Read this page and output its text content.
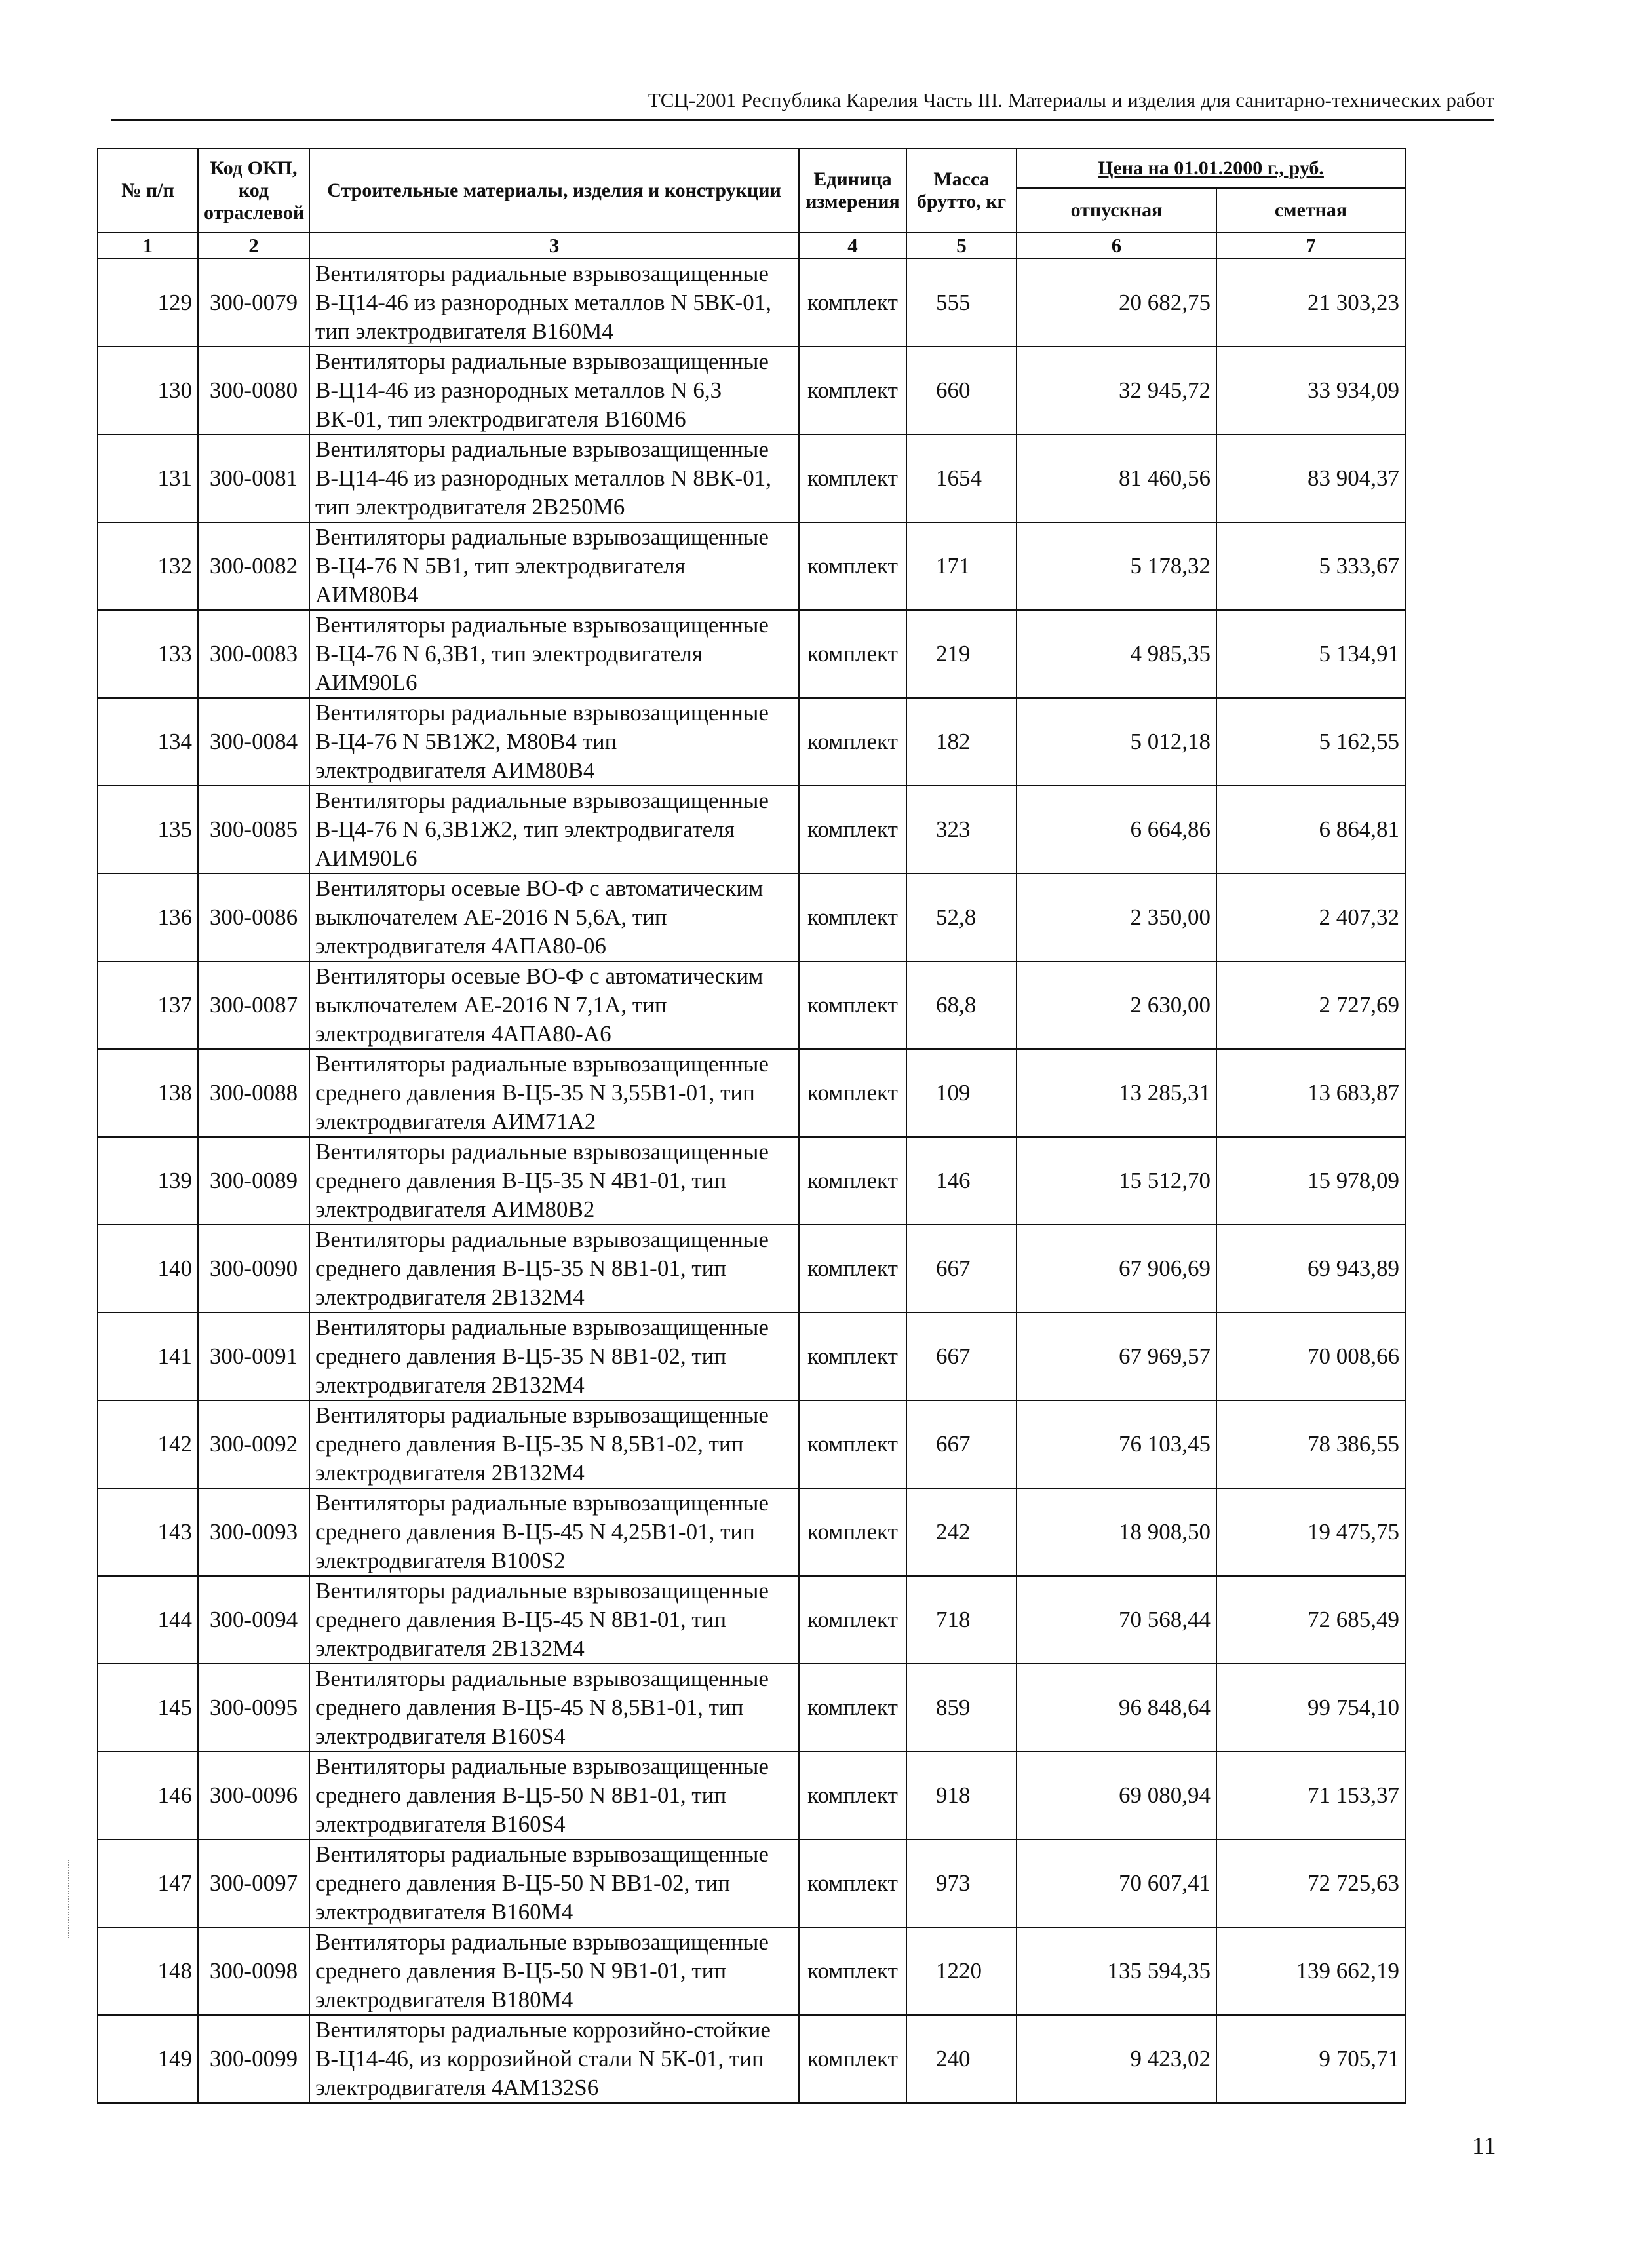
ТСЦ-2001 Республика Карелия Часть III. Материалы и изделия для санитарно-технических работ
№ п/п	Код ОКП, код отраслевой	Строительные материалы, изделия и конструкции	Единица измерения	Масса брутто, кг	Цена на 01.01.2000 г., руб.	
					отпускная	сметная
1	2	3	4	5	6	7
129	300-0079	Вентиляторы радиальные взрывозащищенные В-Ц14-46 из разнородных металлов N 5ВК-01, тип электродвигателя В160М4	комплект	555	20 682,75	21 303,23
130	300-0080	Вентиляторы радиальные взрывозащищенные В-Ц14-46 из разнородных металлов N 6,3 ВК-01, тип электродвигателя В160М6	комплект	660	32 945,72	33 934,09
131	300-0081	Вентиляторы радиальные взрывозащищенные В-Ц14-46 из разнородных металлов N 8ВК-01, тип электродвигателя 2В250М6	комплект	1654	81 460,56	83 904,37
132	300-0082	Вентиляторы радиальные взрывозащищенные В-Ц4-76 N 5В1, тип электродвигателя АИМ80В4	комплект	171	5 178,32	5 333,67
133	300-0083	Вентиляторы радиальные взрывозащищенные В-Ц4-76 N 6,3В1, тип электродвигателя АИМ90L6	комплект	219	4 985,35	5 134,91
134	300-0084	Вентиляторы радиальные взрывозащищенные В-Ц4-76 N 5В1Ж2, М80В4 тип электродвигателя АИМ80В4	комплект	182	5 012,18	5 162,55
135	300-0085	Вентиляторы радиальные взрывозащищенные В-Ц4-76 N 6,3В1Ж2, тип электродвигателя АИМ90L6	комплект	323	6 664,86	6 864,81
136	300-0086	Вентиляторы осевые ВО-Ф с автоматическим выключателем АЕ-2016 N 5,6А, тип электродвигателя 4АПА80-06	комплект	52,8	2 350,00	2 407,32
137	300-0087	Вентиляторы осевые ВО-Ф с автоматическим выключателем АЕ-2016 N 7,1А, тип электродвигателя 4АПА80-А6	комплект	68,8	2 630,00	2 727,69
138	300-0088	Вентиляторы радиальные взрывозащищенные среднего давления В-Ц5-35 N 3,55В1-01, тип электродвигателя АИМ71А2	комплект	109	13 285,31	13 683,87
139	300-0089	Вентиляторы радиальные взрывозащищенные среднего давления В-Ц5-35 N 4В1-01, тип электродвигателя АИМ80В2	комплект	146	15 512,70	15 978,09
140	300-0090	Вентиляторы радиальные взрывозащищенные среднего давления В-Ц5-35 N 8В1-01, тип электродвигателя 2В132М4	комплект	667	67 906,69	69 943,89
141	300-0091	Вентиляторы радиальные взрывозащищенные среднего давления В-Ц5-35 N 8В1-02, тип электродвигателя 2В132М4	комплект	667	67 969,57	70 008,66
142	300-0092	Вентиляторы радиальные взрывозащищенные среднего давления В-Ц5-35 N 8,5В1-02, тип электродвигателя 2В132М4	комплект	667	76 103,45	78 386,55
143	300-0093	Вентиляторы радиальные взрывозащищенные среднего давления В-Ц5-45 N 4,25В1-01, тип электродвигателя В100S2	комплект	242	18 908,50	19 475,75
144	300-0094	Вентиляторы радиальные взрывозащищенные среднего давления В-Ц5-45 N 8В1-01, тип электродвигателя 2В132М4	комплект	718	70 568,44	72 685,49
145	300-0095	Вентиляторы радиальные взрывозащищенные среднего давления В-Ц5-45 N 8,5В1-01, тип электродвигателя В160S4	комплект	859	96 848,64	99 754,10
146	300-0096	Вентиляторы радиальные взрывозащищенные среднего давления В-Ц5-50 N 8В1-01, тип электродвигателя В160S4	комплект	918	69 080,94	71 153,37
147	300-0097	Вентиляторы радиальные взрывозащищенные среднего давления В-Ц5-50 N ВВ1-02, тип электродвигателя В160М4	комплект	973	70 607,41	72 725,63
148	300-0098	Вентиляторы радиальные взрывозащищенные среднего давления В-Ц5-50 N 9В1-01, тип электродвигателя В180М4	комплект	1220	135 594,35	139 662,19
149	300-0099	Вентиляторы радиальные коррозийно-стойкие В-Ц14-46, из коррозийной стали N 5К-01, тип электродвигателя 4АМ132S6	комплект	240	9 423,02	9 705,71
11
